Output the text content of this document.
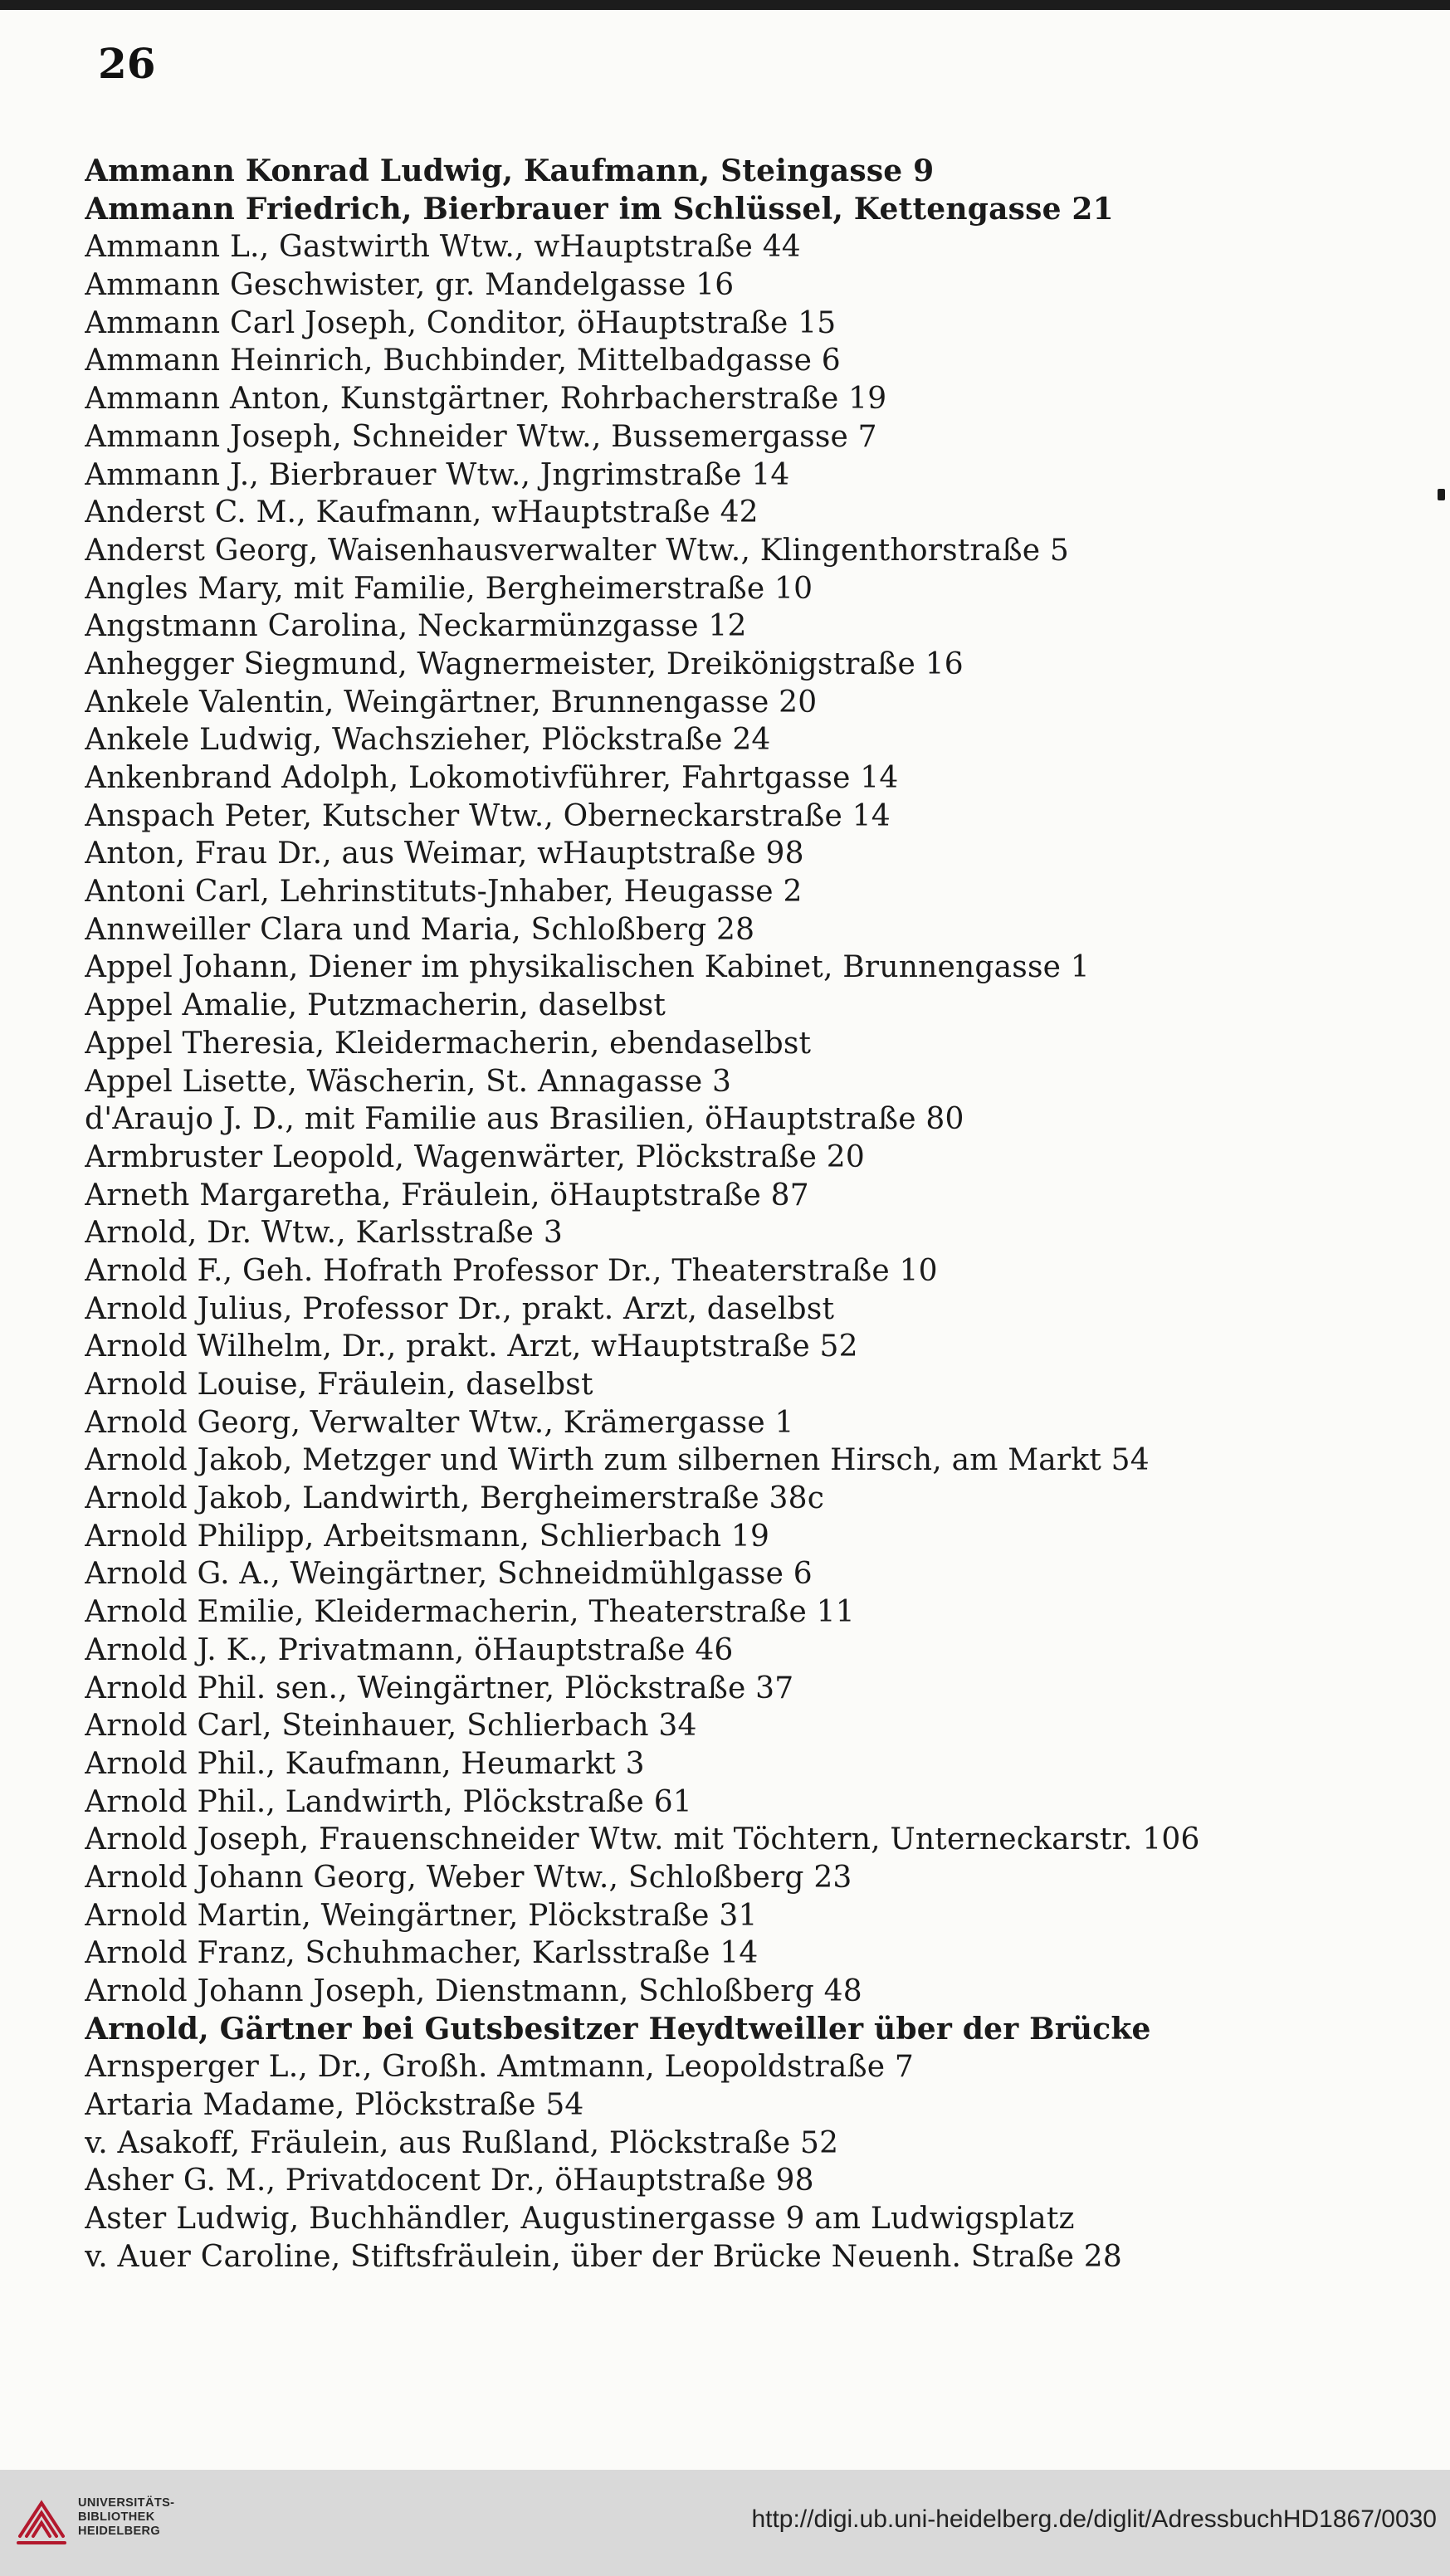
26
Ammann Konrad Ludwig, Kaufmann, Steingasse 9
Ammann Friedrich, Bierbrauer im Schlüssel, Kettengasse 21
Ammann L., Gastwirth Wtw., wHauptstraße 44
Ammann Geschwister, gr. Mandelgasse 16
Ammann Carl Joseph, Conditor, öHauptstraße 15
Ammann Heinrich, Buchbinder, Mittelbadgasse 6
Ammann Anton, Kunstgärtner, Rohrbacherstraße 19
Ammann Joseph, Schneider Wtw., Bussemergasse 7
Ammann J., Bierbrauer Wtw., Jngrimstraße 14
Anderst C. M., Kaufmann, wHauptstraße 42
Anderst Georg, Waisenhausverwalter Wtw., Klingenthorstraße 5
Angles Mary, mit Familie, Bergheimerstraße 10
Angstmann Carolina, Neckarmünzgasse 12
Anhegger Siegmund, Wagnermeister, Dreikönigstraße 16
Ankele Valentin, Weingärtner, Brunnengasse 20
Ankele Ludwig, Wachszieher, Plöckstraße 24
Ankenbrand Adolph, Lokomotivführer, Fahrtgasse 14
Anspach Peter, Kutscher Wtw., Oberneckarstraße 14
Anton, Frau Dr., aus Weimar, wHauptstraße 98
Antoni Carl, Lehrinstituts-Jnhaber, Heugasse 2
Annweiller Clara und Maria, Schloßberg 28
Appel Johann, Diener im physikalischen Kabinet, Brunnengasse 1
Appel Amalie, Putzmacherin, daselbst
Appel Theresia, Kleidermacherin, ebendaselbst
Appel Lisette, Wäscherin, St. Annagasse 3
d'Araujo J. D., mit Familie aus Brasilien, öHauptstraße 80
Armbruster Leopold, Wagenwärter, Plöckstraße 20
Arneth Margaretha, Fräulein, öHauptstraße 87
Arnold, Dr. Wtw., Karlsstraße 3
Arnold F., Geh. Hofrath Professor Dr., Theaterstraße 10
Arnold Julius, Professor Dr., prakt. Arzt, daselbst
Arnold Wilhelm, Dr., prakt. Arzt, wHauptstraße 52
Arnold Louise, Fräulein, daselbst
Arnold Georg, Verwalter Wtw., Krämergasse 1
Arnold Jakob, Metzger und Wirth zum silbernen Hirsch, am Markt 54
Arnold Jakob, Landwirth, Bergheimerstraße 38c
Arnold Philipp, Arbeitsmann, Schlierbach 19
Arnold G. A., Weingärtner, Schneidmühlgasse 6
Arnold Emilie, Kleidermacherin, Theaterstraße 11
Arnold J. K., Privatmann, öHauptstraße 46
Arnold Phil. sen., Weingärtner, Plöckstraße 37
Arnold Carl, Steinhauer, Schlierbach 34
Arnold Phil., Kaufmann, Heumarkt 3
Arnold Phil., Landwirth, Plöckstraße 61
Arnold Joseph, Frauenschneider Wtw. mit Töchtern, Unterneckarstr. 106
Arnold Johann Georg, Weber Wtw., Schloßberg 23
Arnold Martin, Weingärtner, Plöckstraße 31
Arnold Franz, Schuhmacher, Karlsstraße 14
Arnold Johann Joseph, Dienstmann, Schloßberg 48
Arnold, Gärtner bei Gutsbesitzer Heydtweiller über der Brücke
Arnsperger L., Dr., Großh. Amtmann, Leopoldstraße 7
Artaria Madame, Plöckstraße 54
v. Asakoff, Fräulein, aus Rußland, Plöckstraße 52
Asher G. M., Privatdocent Dr., öHauptstraße 98
Aster Ludwig, Buchhändler, Augustinergasse 9 am Ludwigsplatz
v. Auer Caroline, Stiftsfräulein, über der Brücke Neuenh. Straße 28
UNIVERSITÄTS-
BIBLIOTHEK
HEIDELBERG	http://digi.ub.uni-heidelberg.de/diglit/AdressbuchHD1867/0030
